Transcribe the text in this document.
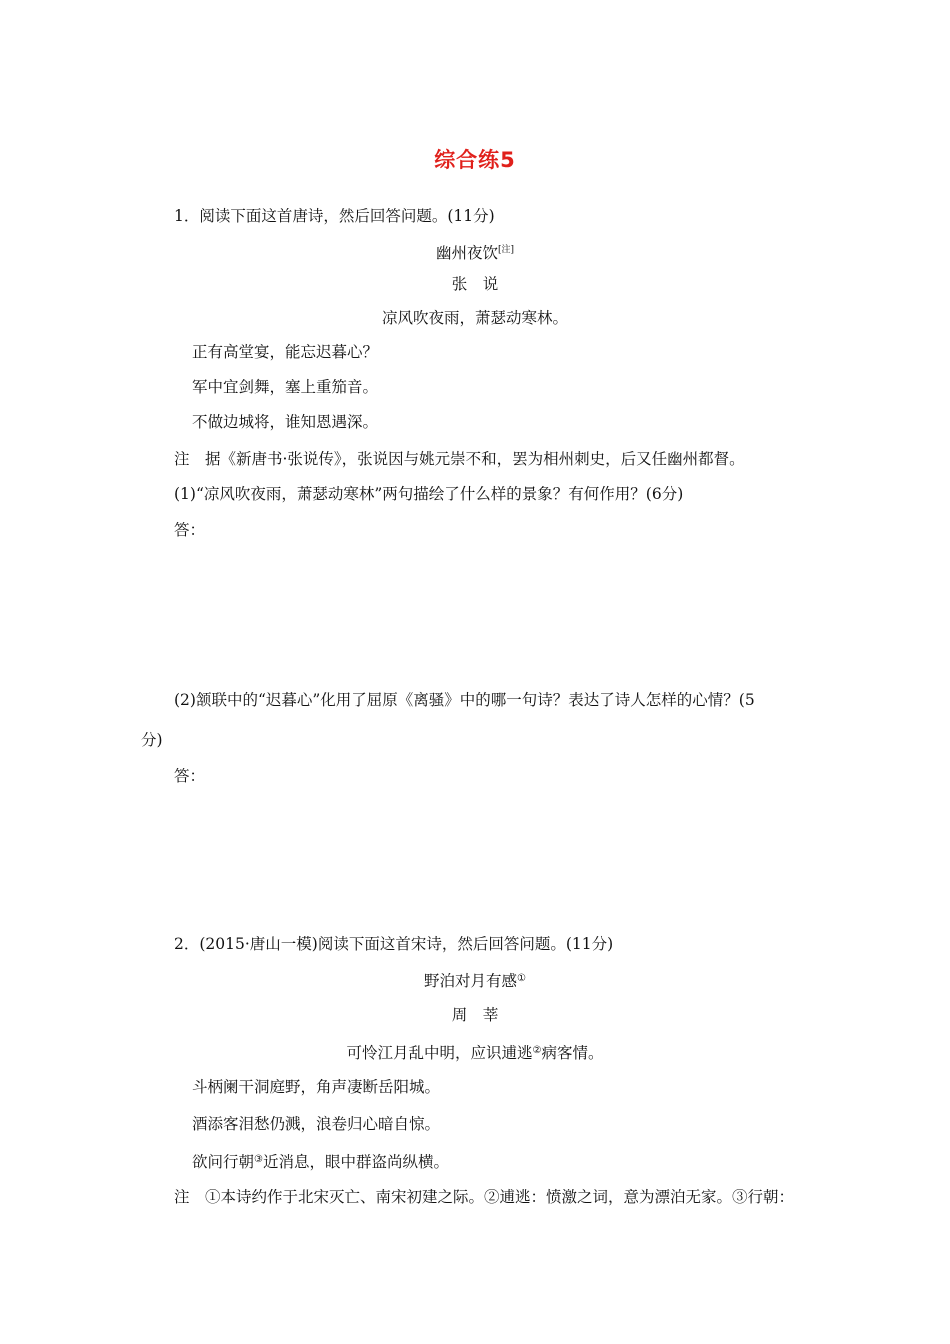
综合练5
1．阅读下面这首唐诗，然后回答问题。(11分)
幽州夜饮[注]
张　说
凉风吹夜雨，萧瑟动寒林。
正有高堂宴，能忘迟暮心？
军中宜剑舞，塞上重笳音。
不做边城将，谁知恩遇深。
注　据《新唐书·张说传》，张说因与姚元崇不和，罢为相州刺史，后又任幽州都督。
(1)“凉风吹夜雨，萧瑟动寒林”两句描绘了什么样的景象？有何作用？(6分)
答：
(2)颔联中的“迟暮心”化用了屈原《离骚》中的哪一句诗？表达了诗人怎样的心情？(5
分)
答：
2．(2015·唐山一模)阅读下面这首宋诗，然后回答问题。(11分)
野泊对月有感①
周　莘
可怜江月乱中明，应识逋逃②病客情。
斗柄阑干洞庭野，角声凄断岳阳城。
酒添客泪愁仍溅，浪卷归心暗自惊。
欲问行朝③近消息，眼中群盗尚纵横。
注　①本诗约作于北宋灭亡、南宋初建之际。②逋逃：愤激之词，意为漂泊无家。③行朝：
